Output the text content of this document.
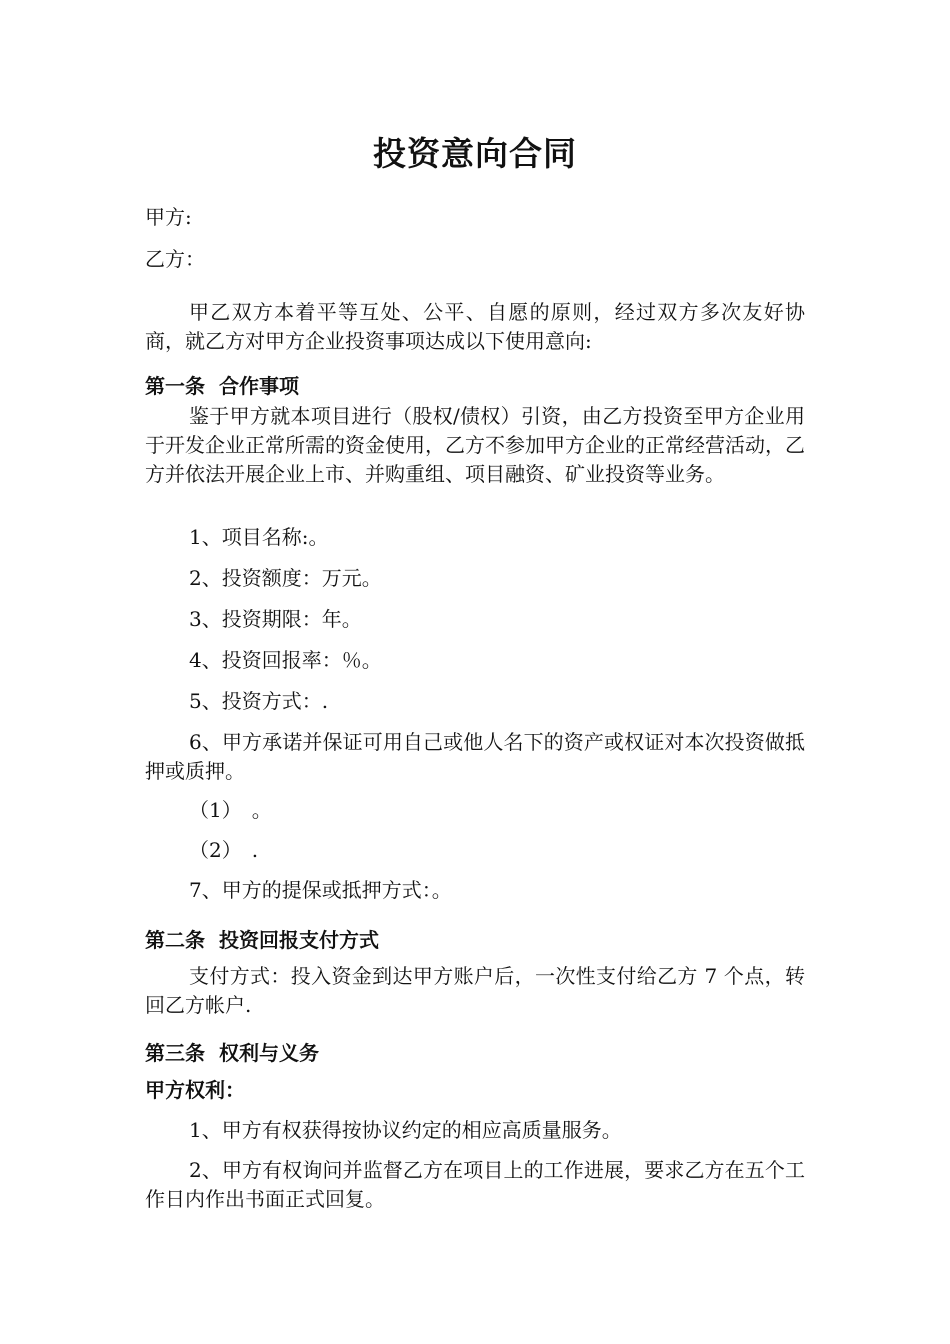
投资意向合同
甲方:
乙方：
甲乙双方本着平等互处、公平、自愿的原则，经过双方多次友好协商，就乙方对甲方企业投资事项达成以下使用意向:
第一条 合作事项
鉴于甲方就本项目进行（股权/债权）引资，由乙方投资至甲方企业用于开发企业正常所需的资金使用，乙方不参加甲方企业的正常经营活动，乙方并依法开展企业上市、并购重组、项目融资、矿业投资等业务。
1、项目名称:。
2、投资额度：万元。
3、投资期限：年。
4、投资回报率：％。
5、投资方式：.
6、甲方承诺并保证可用自己或他人名下的资产或权证对本次投资做抵押或质押。
（1）　。
（2）　.
7、甲方的提保或抵押方式：。
第二条 投资回报支付方式
支付方式：投入资金到达甲方账户后，一次性支付给乙方 7 个点，转回乙方帐户.
第三条 权利与义务
甲方权利：
1、甲方有权获得按协议约定的相应高质量服务。
2、甲方有权询问并监督乙方在项目上的工作进展，要求乙方在五个工作日内作出书面正式回复。
